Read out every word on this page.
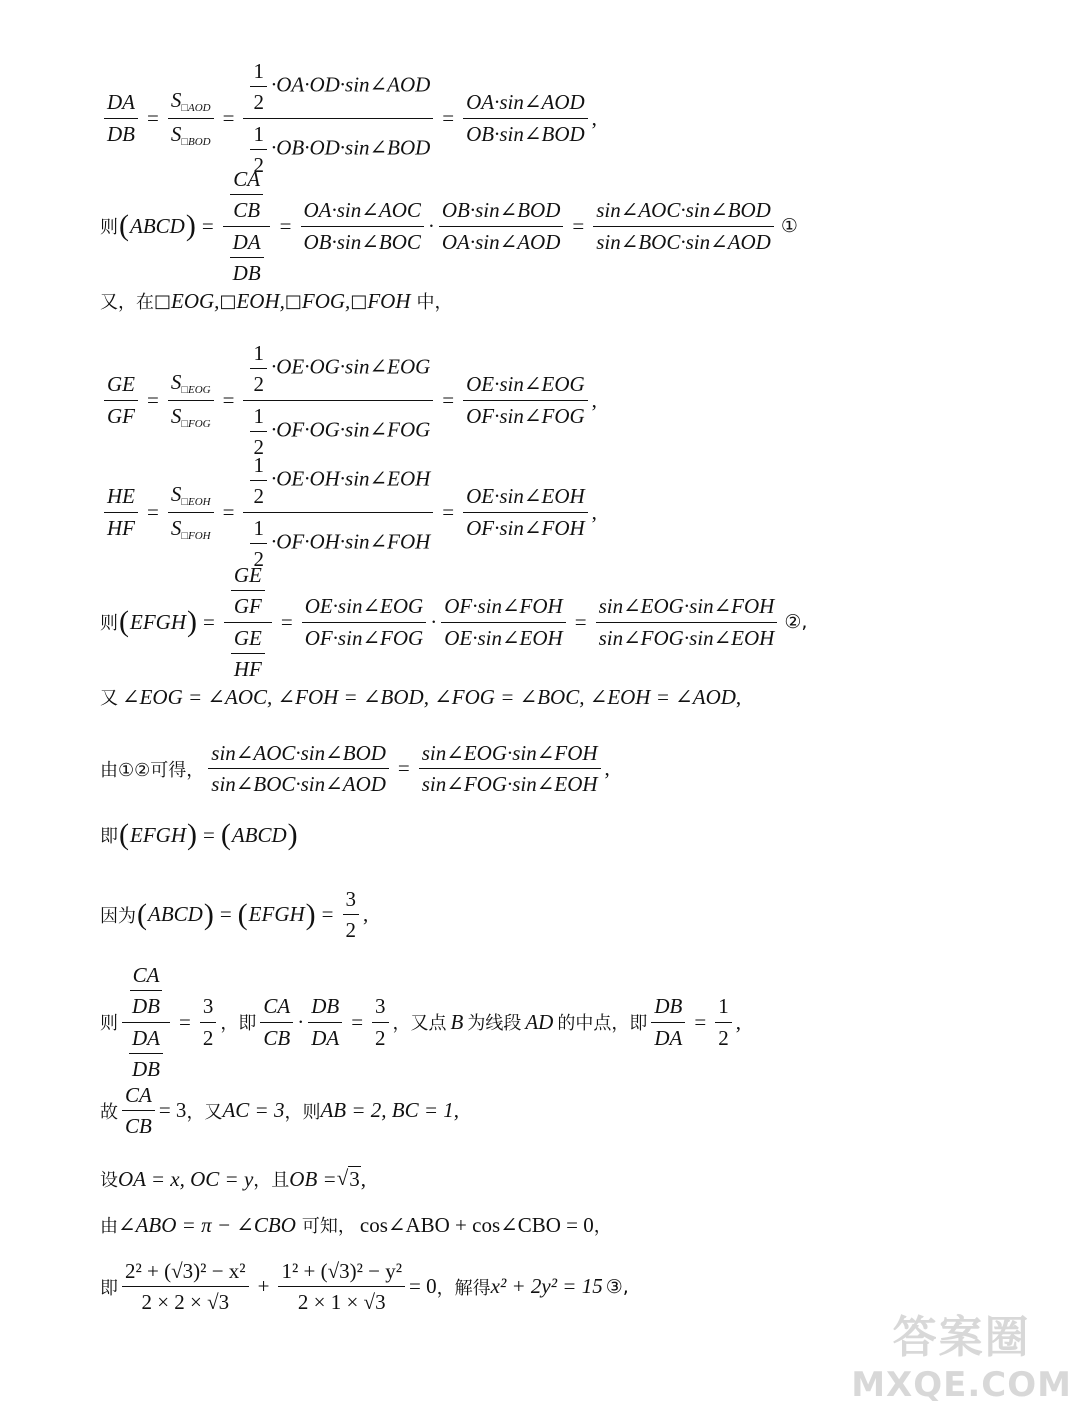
$\frac{DA}{DB} = \frac{S_{□AOD}}{S_{□BOD}} = \frac{\frac{1}{2} \cdot OA\cdot OD\cdot\sin\angle AOD}{\frac{1}{2} \cdot OB\cdot OD\cdot\sin\angle BOD} = \frac{\text{OA·sin∠AOD}}{\text{OB·sin∠BOD}}$ ,
则 ( ABCD ) = $\frac{\frac{CA}{CB}}{\frac{DA}{DB}} = \frac{\text{OA·sin∠AOC}}{\text{OB·sin∠BOC}} \cdot \frac{\text{OB·sin∠BOD}}{\text{OA·sin∠AOD}} = \frac{\text{sin∠AOC·sin∠BOD}}{\text{sin∠BOC·sin∠AOD}}$ ①
又，在 □ EOG, □ EOH, □ FOG, □ FOH 中，
$\frac{GE}{GF} = \frac{S_{□EOG}}{S_{□FOG}} = \frac{\frac{1}{2} \cdot OE\cdot OG\cdot\sin\angle EOG}{\frac{1}{2} \cdot OF\cdot OG\cdot\sin\angle FOG} = \frac{\text{OE·sin∠EOG}}{\text{OF·sin∠FOG}}$ ,
$\frac{HE}{HF} = \frac{S_{□EOH}}{S_{□FOH}} = \frac{\frac{1}{2} \cdot OE\cdot OH\cdot\sin\angle EOH}{\frac{1}{2} \cdot OF\cdot OH\cdot\sin\angle FOH} = \frac{\text{OE·sin∠EOH}}{\text{OF·sin∠FOH}}$ ,
则 ( EFGH ) = $\frac{\frac{GE}{GF}}{\frac{GE}{HF}} = \frac{\text{OE·sin∠EOG}}{\text{OF·sin∠FOG}} \cdot \frac{\text{OF·sin∠FOH}}{\text{OE·sin∠EOH}} = \frac{\text{sin∠EOG·sin∠FOH}}{\text{sin∠FOG·sin∠EOH}}$ ②,
又 ∠EOG = ∠AOC, ∠FOH = ∠BOD, ∠FOG = ∠BOC, ∠EOH = ∠AOD ,
由①②可得， $\frac{\text{sin∠AOC·sin∠BOD}}{\text{sin∠BOC·sin∠AOD}} = \frac{\text{sin∠EOG·sin∠FOH}}{\text{sin∠FOG·sin∠EOH}}$ ,
即 ( EFGH ) = ( ABCD )
因为 ( ABCD ) = ( EFGH ) = $\frac{3}{2}$ ,
则 $\frac{\frac{CA}{DB}}{\frac{DA}{DB}} = \frac{3}{2}$ ，即 $\frac{CA}{CB} \cdot \frac{DB}{DA} = \frac{3}{2}$ ，又点 B 为线段 AD 的中点，即 $\frac{DB}{DA} = \frac{1}{2}$ ,
故 $\frac{CA}{CB} = 3$ ，又 AC = 3 ，则 AB = 2, BC = 1 ,
设 OA = x, OC = y ，且 OB = √ 3 ,
由 ∠ABO = π − ∠CBO 可知， cos∠ABO + cos∠CBO = 0 ，
即 $\frac{\text{2² + (√3)² − x²}}{2 \times 2 \times √3} + \frac{\text{1² + (√3)² − y²}}{2 \times 1 \times √3} = 0$ ，解得 x² + 2y² = 15 ③,
答案圈
MXQE.COM
